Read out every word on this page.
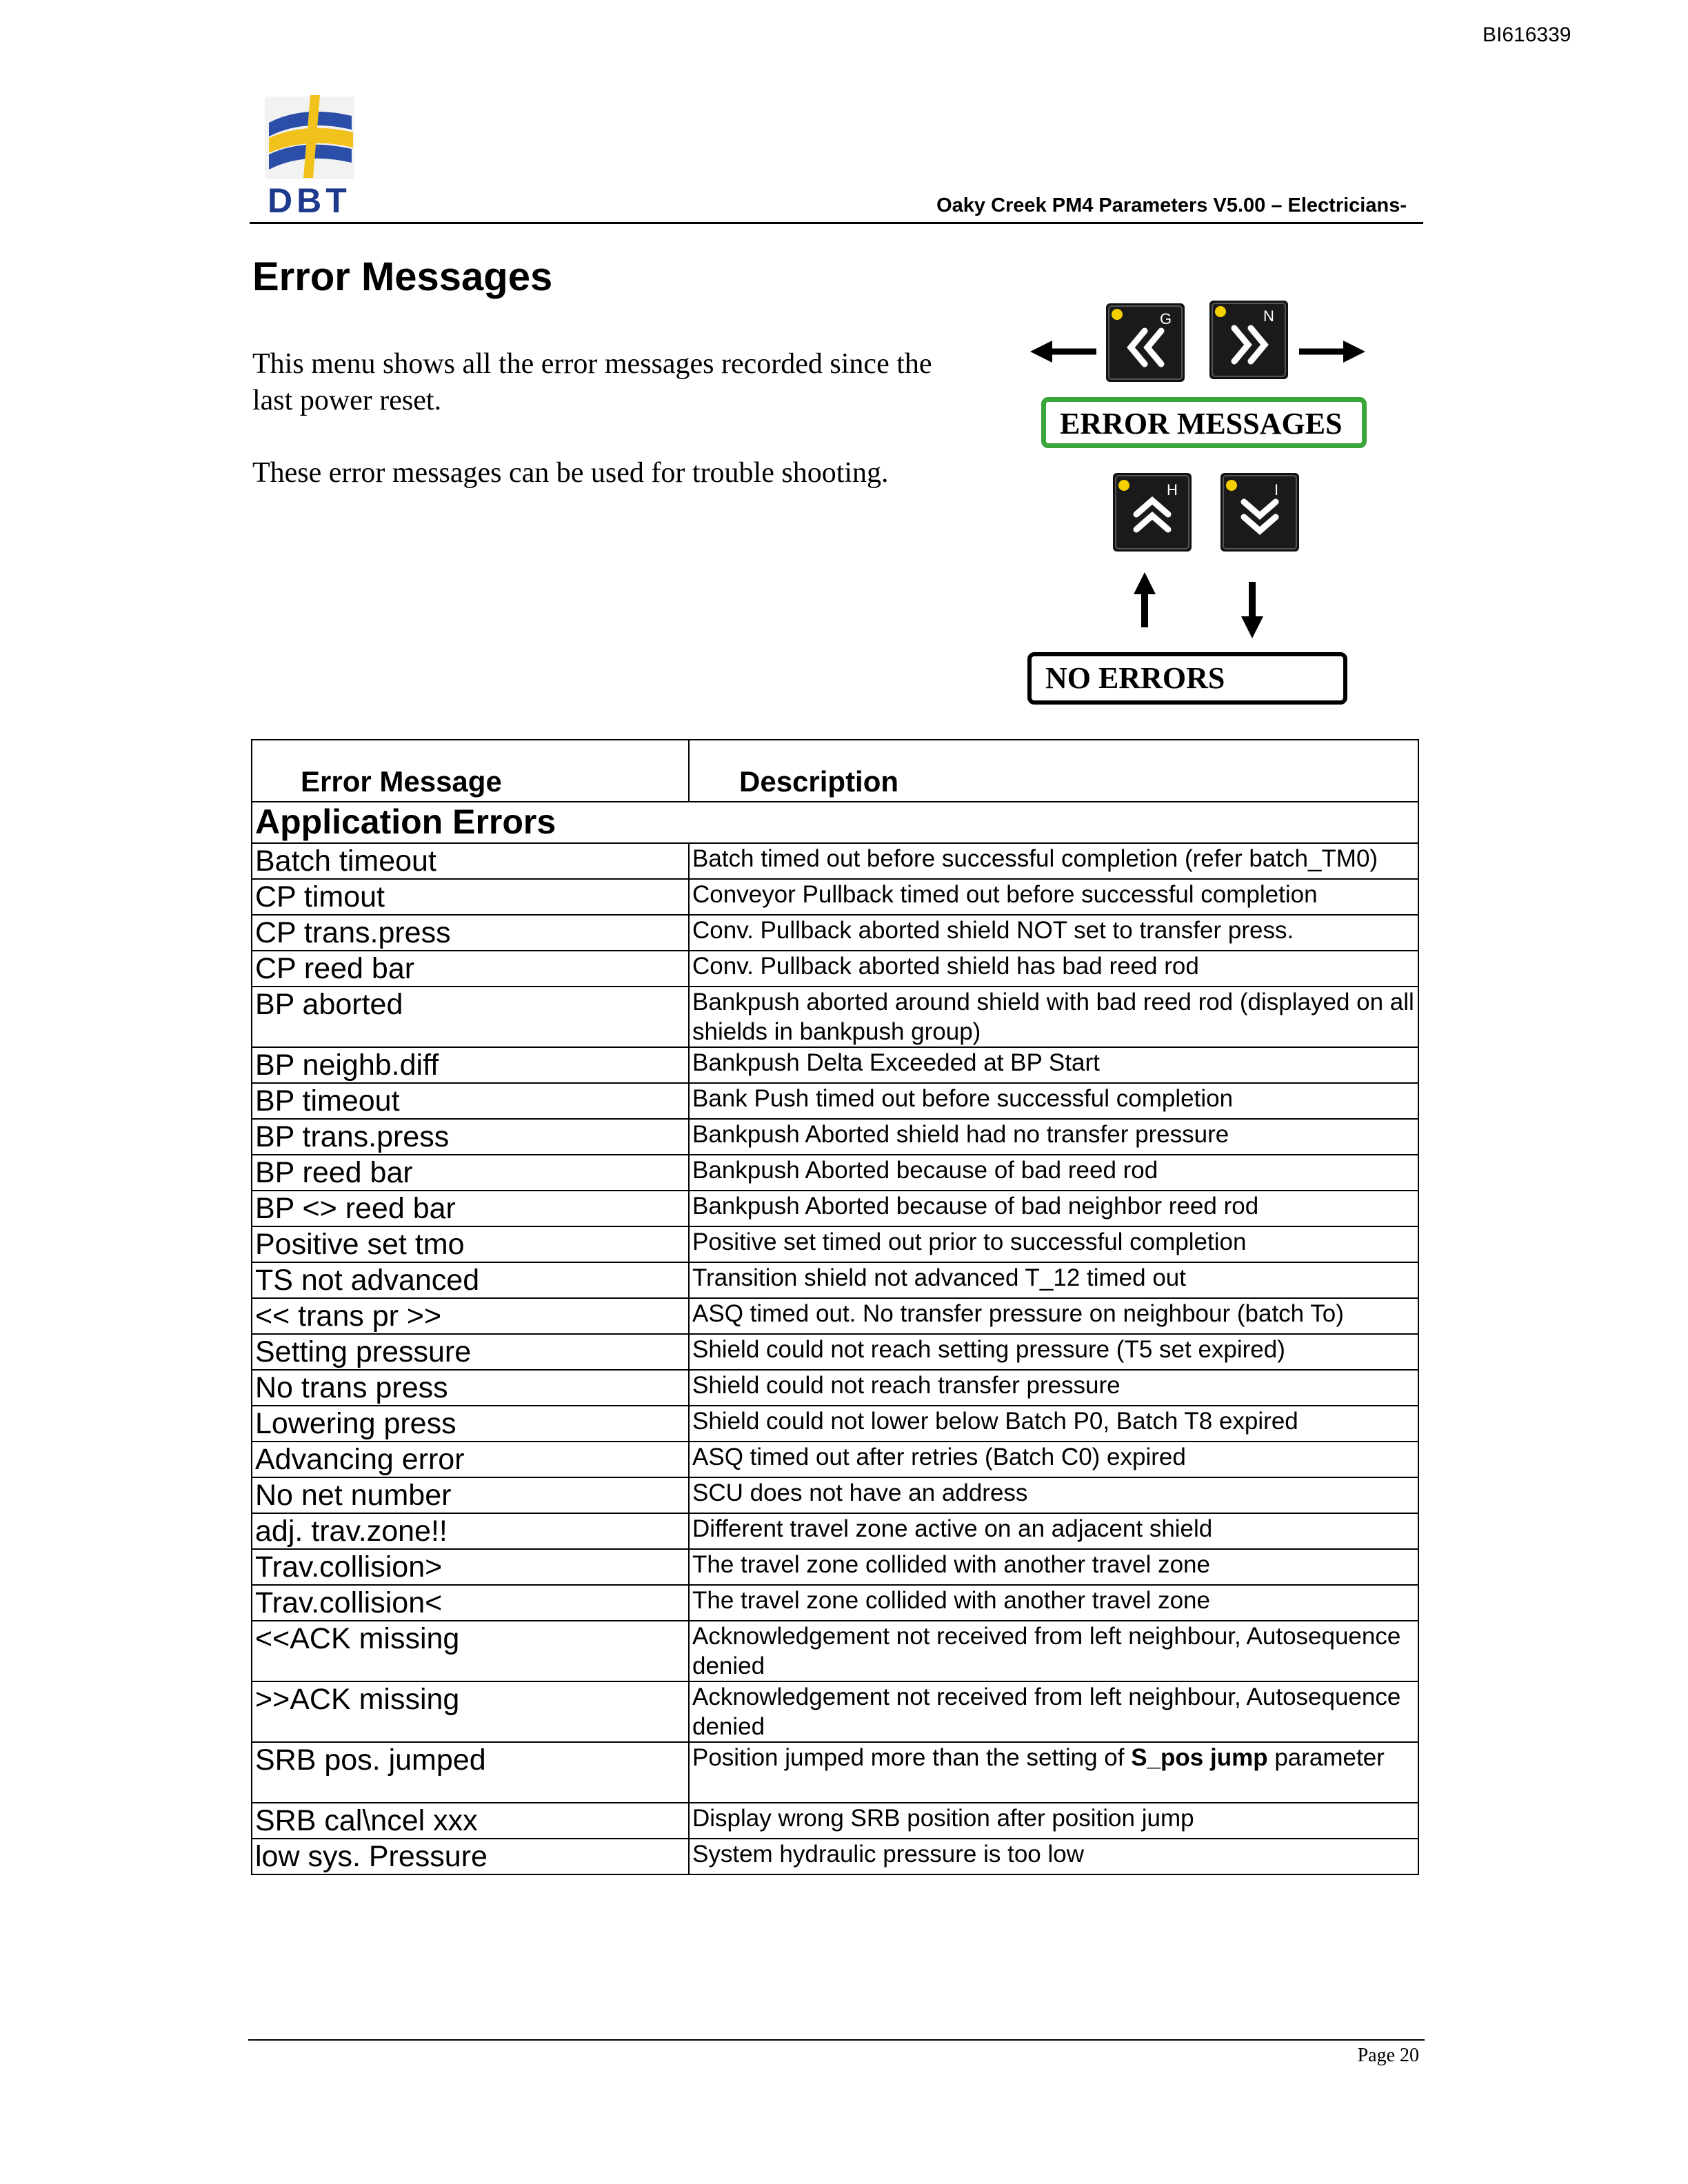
BI616339
DBT	Oaky Creek PM4 Parameters V5.00 – Electricians-
Error Messages
This menu shows all the error messages recorded since the last power reset.
These error messages can be used for trouble shooting.
G	N
H	I
ERROR MESSAGES
NO ERRORS
Error Message	Description
Application Errors	
Batch timeout	Batch timed out before successful completion (refer batch_TM0)
CP timout	Conveyor Pullback timed out before successful completion
CP trans.press	Conv. Pullback aborted shield NOT set to transfer press.
CP reed bar	Conv. Pullback aborted shield has bad reed rod
BP aborted	Bankpush aborted around shield with bad reed rod (displayed on all shields in bankpush group)
BP neighb.diff	Bankpush Delta Exceeded at BP Start
BP timeout	Bank Push timed out before successful completion
BP trans.press	Bankpush Aborted shield had no transfer pressure
BP reed bar	Bankpush Aborted because of bad reed rod
BP <> reed bar	Bankpush Aborted because of bad neighbor reed rod
Positive set tmo	Positive set timed out prior to successful completion
TS not advanced	Transition shield not advanced T_12 timed out
<< trans pr >>	ASQ timed out. No transfer pressure on neighbour (batch To)
Setting pressure	Shield could not reach setting pressure (T5 set expired)
No trans press	Shield could not reach transfer pressure
Lowering press	Shield could not lower below Batch P0, Batch T8 expired
Advancing error	ASQ timed out after retries (Batch C0) expired
No net number	SCU does not have an address
adj. trav.zone!!	Different travel zone active on an adjacent shield
Trav.collision>	The travel zone collided with another travel zone
Trav.collision<	The travel zone collided with another travel zone
<<ACK missing	Acknowledgement not received from left neighbour, Autosequence denied
>>ACK missing	Acknowledgement not received from left neighbour, Autosequence denied
SRB pos. jumped	Position jumped more than the setting of S_pos jump parameter
SRB cal\ncel xxx	Display wrong SRB position after position jump
low sys. Pressure	System hydraulic pressure is too low
Page 20
